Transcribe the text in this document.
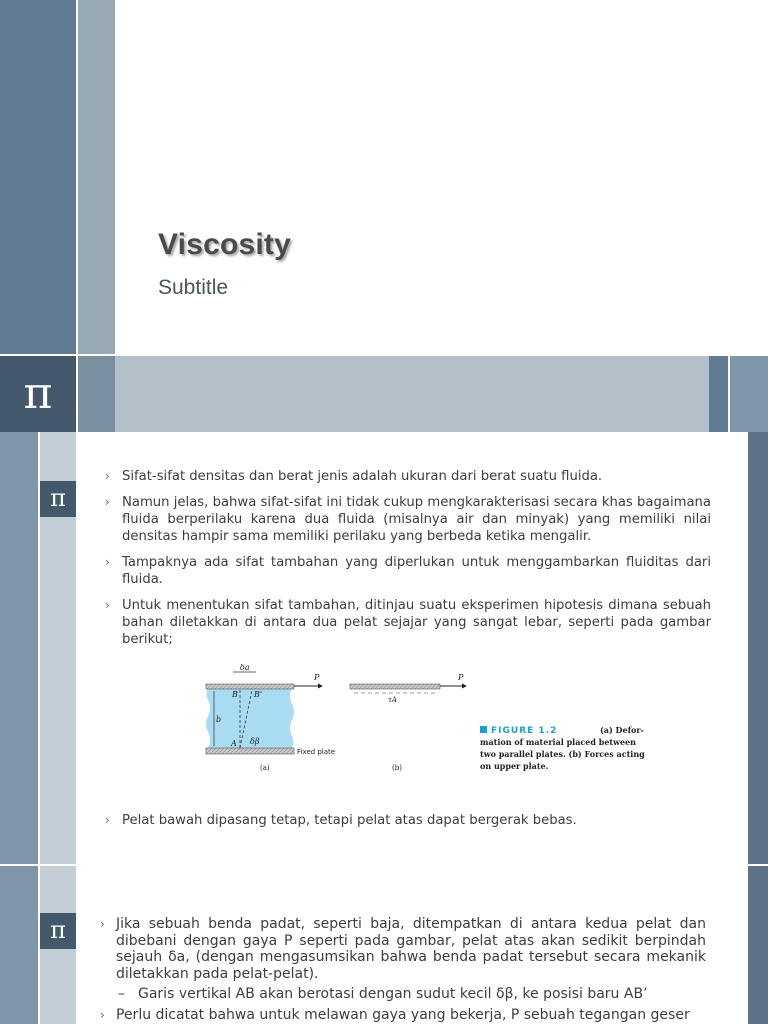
Viscosity
Subtitle
π
π
› Sifat-sifat densitas dan berat jenis adalah ukuran dari berat suatu fluida.
› Namun jelas, bahwa sifat-sifat ini tidak cukup mengkarakterisasi secara khas bagaimana fluida berperilaku karena dua fluida (misalnya air dan minyak) yang memiliki nilai densitas hampir sama memiliki perilaku yang berbeda ketika mengalir.
› Tampaknya ada sifat tambahan yang diperlukan untuk menggambarkan fluiditas dari fluida.
› Untuk menentukan sifat tambahan, ditinjau suatu eksperimen hipotesis dimana sebuah bahan diletakkan di antara dua pelat sejajar yang sangat lebar, seperti pada gambar berikut;
δa
P
Fixed plate
B B'
A δβ
b
(a)
P
τA
(b)
FIGURE 1.2	(a) Defor-
mation of material placed between
two parallel plates. (b) Forces acting
on upper plate.
› Pelat bawah dipasang tetap, tetapi pelat atas dapat bergerak bebas.
π	› Jika sebuah benda padat, seperti baja, ditempatkan di antara kedua pelat dan dibebani dengan gaya P seperti pada gambar, pelat atas akan sedikit berpindah sejauh δa, (dengan mengasumsikan bahwa benda padat tersebut secara mekanik diletakkan pada pelat-pelat).
– Garis vertikal AB akan berotasi dengan sudut kecil δβ, ke posisi baru AB’
› Perlu dicatat bahwa untuk melawan gaya yang bekerja, P sebuah tegangan geser
